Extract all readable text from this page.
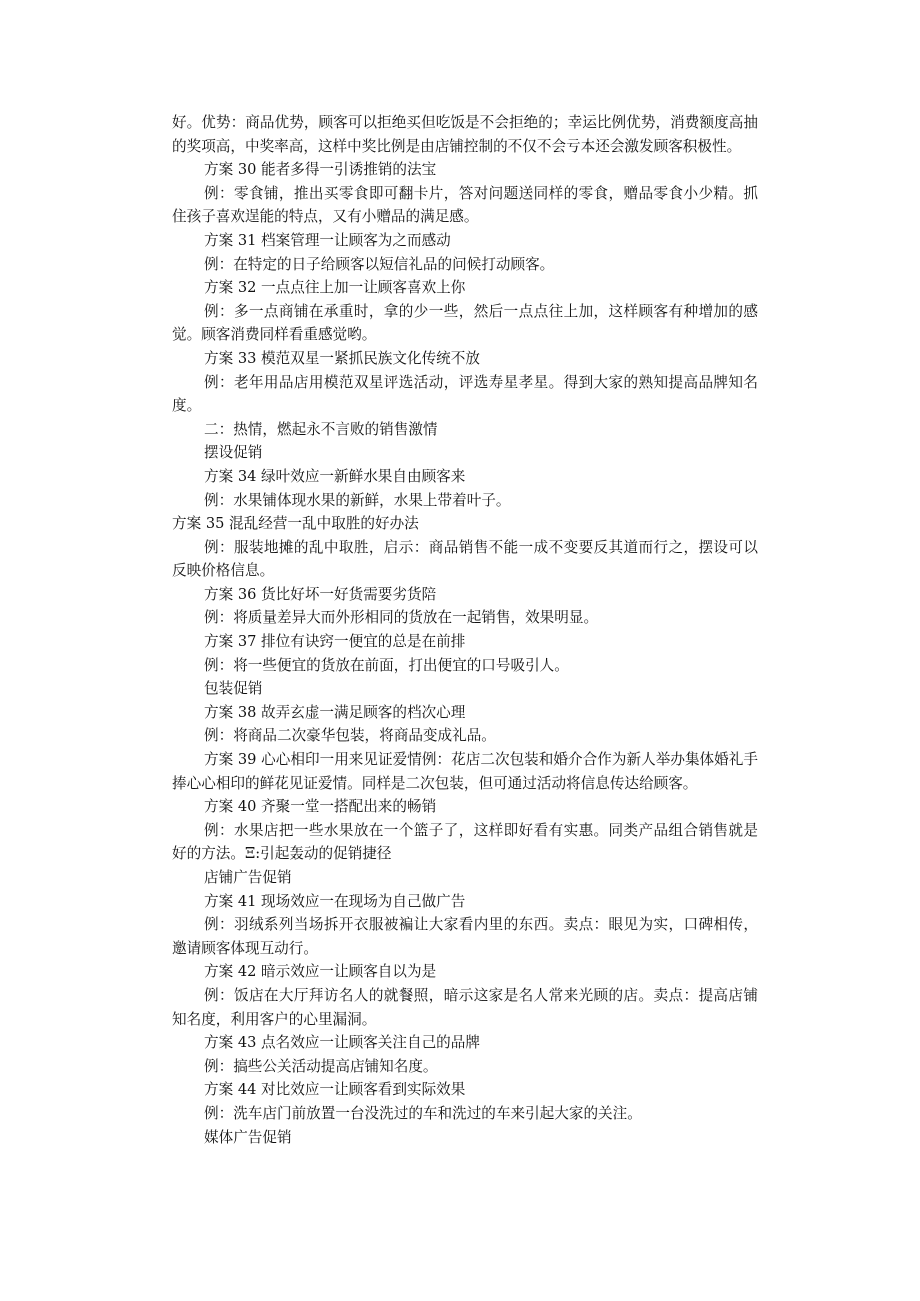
好。优势：商品优势，顾客可以拒绝买但吃饭是不会拒绝的；幸运比例优势，消费额度高抽的奖项高，中奖率高，这样中奖比例是由店铺控制的不仅不会亏本还会激发顾客积极性。

方案 30 能者多得一引诱推销的法宝

例：零食铺，推出买零食即可翻卡片，答对问题送同样的零食，赠品零食小少精。抓住孩子喜欢逞能的特点，又有小赠品的满足感。

方案 31 档案管理一让顾客为之而感动

例：在特定的日子给顾客以短信礼品的问候打动顾客。

方案 32 一点点往上加一让顾客喜欢上你

例：多一点商铺在承重时，拿的少一些，然后一点点往上加，这样顾客有种增加的感觉。顾客消费同样看重感觉哟。

方案 33 模范双星一紧抓民族文化传统不放

例：老年用品店用模范双星评选活动，评选寿星孝星。得到大家的熟知提高品牌知名度。

二：热情，燃起永不言败的销售激情

摆设促销

方案 34 绿叶效应一新鲜水果自由顾客来

例：水果铺体现水果的新鲜，水果上带着叶子。

方案 35 混乱经营一乱中取胜的好办法

例：服装地摊的乱中取胜，启示：商品销售不能一成不变要反其道而行之，摆设可以反映价格信息。

方案 36 货比好坏一好货需要劣货陪

例：将质量差异大而外形相同的货放在一起销售，效果明显。

方案 37 排位有诀窍一便宜的总是在前排

例：将一些便宜的货放在前面，打出便宜的口号吸引人。

包装促销

方案 38 故弄玄虚一满足顾客的档次心理

例：将商品二次豪华包装，将商品变成礼品。

方案 39 心心相印一用来见证爱情例：花店二次包装和婚介合作为新人举办集体婚礼手捧心心相印的鲜花见证爱情。同样是二次包装，但可通过活动将信息传达给顾客。

方案 40 齐聚一堂一搭配出来的畅销

例：水果店把一些水果放在一个篮子了，这样即好看有实惠。同类产品组合销售就是好的方法。Ξ:引起轰动的促销捷径

店铺广告促销

方案 41 现场效应一在现场为自己做广告

例：羽绒系列当场拆开衣服被褊让大家看内里的东西。卖点：眼见为实，口碑相传，邀请顾客体现互动行。

方案 42 暗示效应一让顾客自以为是

例：饭店在大厅拜访名人的就餐照，暗示这家是名人常来光顾的店。卖点：提高店铺知名度，利用客户的心里漏洞。

方案 43 点名效应一让顾客关注自己的品牌

例：搞些公关活动提高店铺知名度。

方案 44 对比效应一让顾客看到实际效果

例：洗车店门前放置一台没洗过的车和洗过的车来引起大家的关注。

媒体广告促销
